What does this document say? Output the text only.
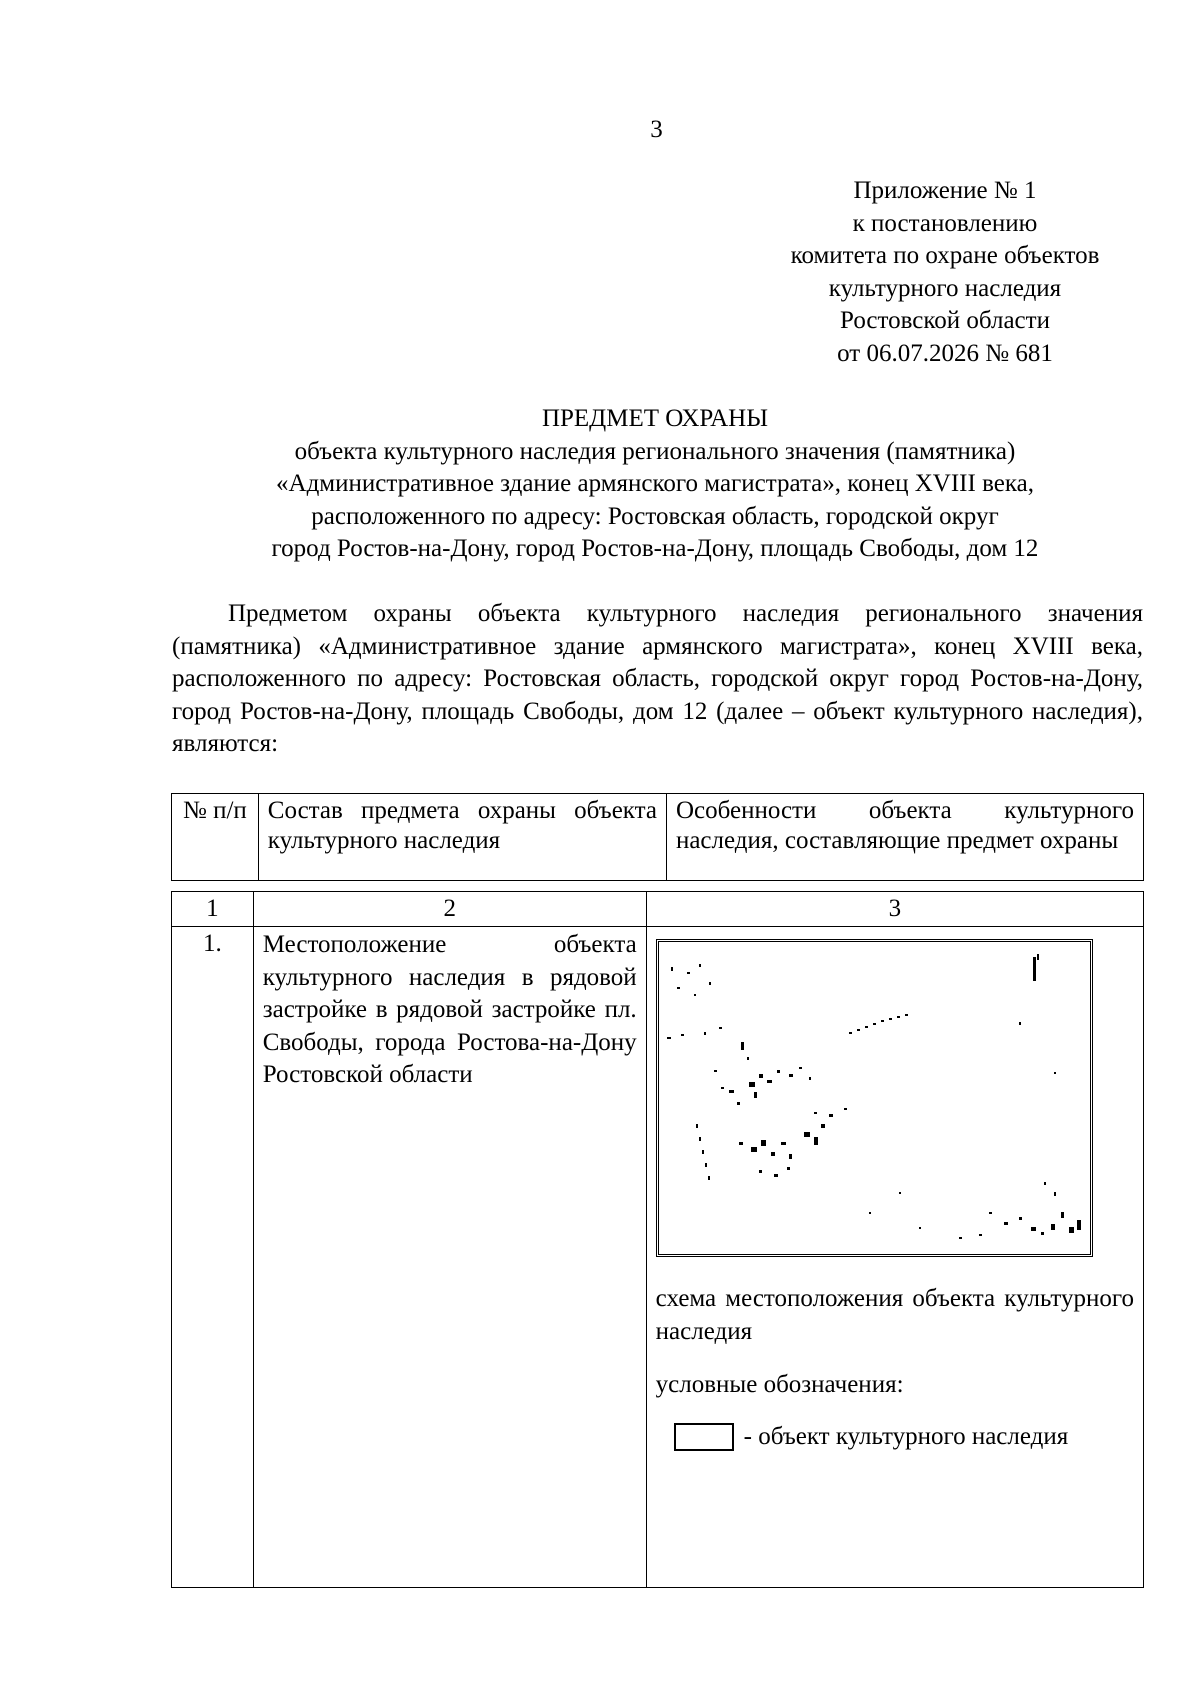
3
Приложение № 1
к постановлению
комитета по охране объектов
культурного наследия
Ростовской области
от 06.07.2026 № 681
ПРЕДМЕТ ОХРАНЫ
объекта культурного наследия регионального значения (памятника)
«Административное здание армянского магистрата», конец XVIII века,
расположенного по адресу: Ростовская область, городской округ
город Ростов-на-Дону, город Ростов-на-Дону, площадь Свободы, дом 12
Предметом охраны объекта культурного наследия регионального значения (памятника) «Административное здание армянского магистрата», конец XVIII века, расположенного по адресу: Ростовская область, городской округ город Ростов-на-Дону, город Ростов-на-Дону, площадь Свободы, дом 12 (далее – объект культурного наследия), являются:
№ п/п	Состав предмета охраны объекта культурного наследия	Особенности объекта культурного наследия, составляющие предмет охраны
1	2	3
1.	Местоположение объекта культурного наследия в рядовой застройке в рядовой застройке пл. Свободы, города Ростова-на-Дону Ростовской области	схема местоположения объекта культурного наследия
условные обозначения:
- объект культурного наследия
